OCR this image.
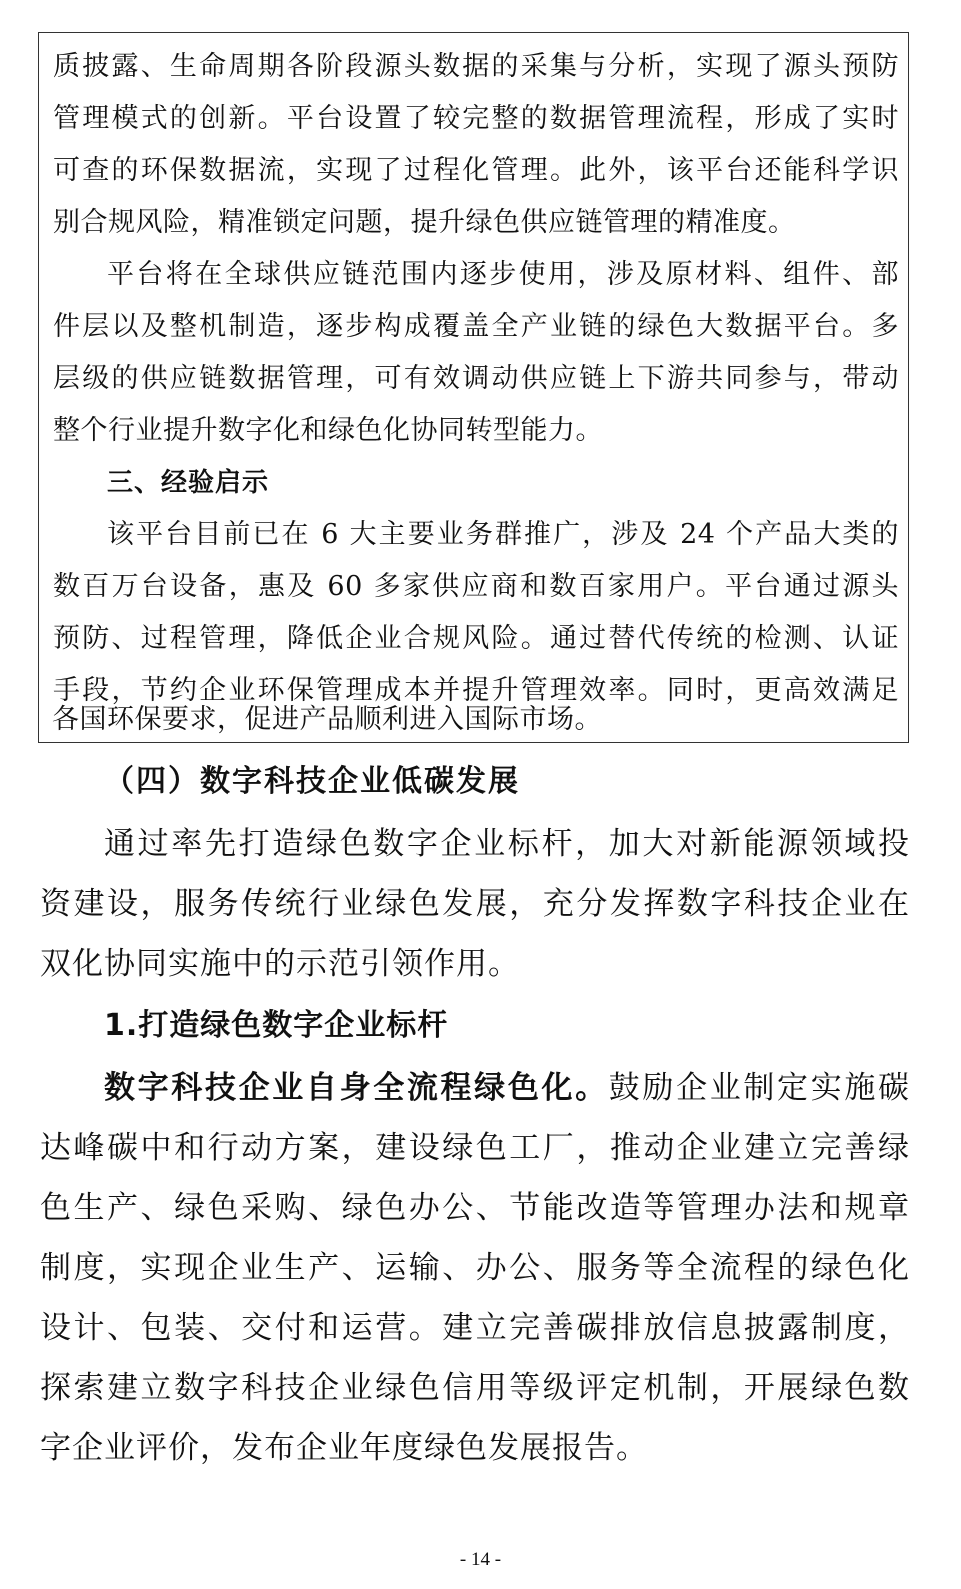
质披露、生命周期各阶段源头数据的采集与分析，实现了源头预防
管理模式的创新。平台设置了较完整的数据管理流程，形成了实时
可查的环保数据流，实现了过程化管理。此外，该平台还能科学识
别合规风险，精准锁定问题，提升绿色供应链管理的精准度。
平台将在全球供应链范围内逐步使用，涉及原材料、组件、部
件层以及整机制造，逐步构成覆盖全产业链的绿色大数据平台。多
层级的供应链数据管理，可有效调动供应链上下游共同参与，带动
整个行业提升数字化和绿色化协同转型能力。
三、经验启示
该平台目前已在 6 大主要业务群推广，涉及 24 个产品大类的
数百万台设备，惠及 60 多家供应商和数百家用户。平台通过源头
预防、过程管理，降低企业合规风险。通过替代传统的检测、认证
手段，节约企业环保管理成本并提升管理效率。同时，更高效满足
各国环保要求，促进产品顺利进入国际市场。
（四）数字科技企业低碳发展
通过率先打造绿色数字企业标杆，加大对新能源领域投
资建设，服务传统行业绿色发展，充分发挥数字科技企业在
双化协同实施中的示范引领作用。
1.打造绿色数字企业标杆
数字科技企业自身全流程绿色化。鼓励企业制定实施碳
达峰碳中和行动方案，建设绿色工厂，推动企业建立完善绿
色生产、绿色采购、绿色办公、节能改造等管理办法和规章
制度，实现企业生产、运输、办公、服务等全流程的绿色化
设计、包装、交付和运营。建立完善碳排放信息披露制度，
探索建立数字科技企业绿色信用等级评定机制，开展绿色数
字企业评价，发布企业年度绿色发展报告。
- 14 -
